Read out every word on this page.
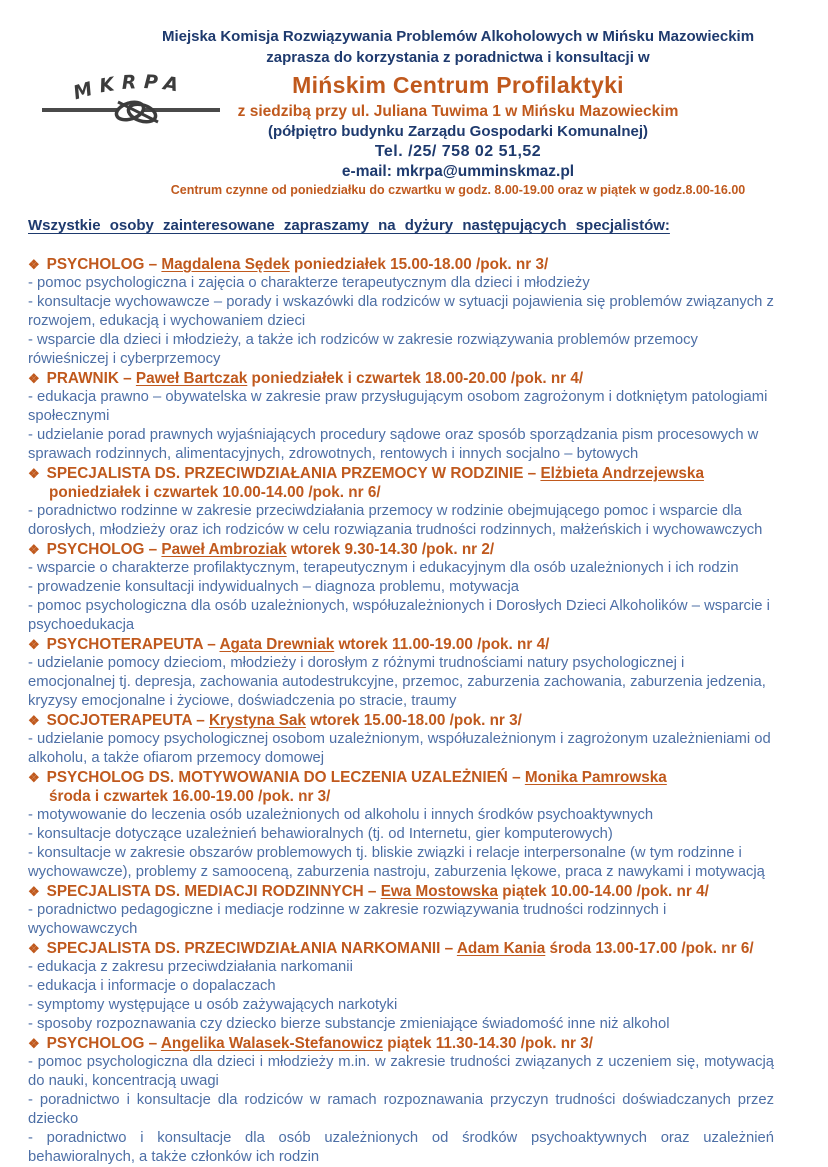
MKRPA

Miejska Komisja Rozwiązywania Problemów Alkoholowych w Mińsku Mazowieckim

zaprasza do korzystania z poradnictwa i konsultacji w

Mińskim Centrum Profilaktyki

z siedzibą przy ul. Juliana Tuwima 1 w Mińsku Mazowieckim

(półpiętro budynku Zarządu Gospodarki Komunalnej)

Tel. /25/ 758 02 51,52

e-mail: mkrpa@umminskmaz.pl

Centrum czynne od poniedziałku do czwartku w godz. 8.00-19.00 oraz w piątek w godz.8.00-16.00

Wszystkie osoby zainteresowane zapraszamy na dyżury następujących specjalistów:

❖ PSYCHOLOG – Magdalena Sędek poniedziałek 15.00-18.00 /pok. nr 3/

- pomoc psychologiczna i zajęcia o charakterze terapeutycznym dla dzieci i młodzieży

- konsultacje wychowawcze – porady i wskazówki dla rodziców w sytuacji pojawienia się problemów związanych z rozwojem, edukacją i wychowaniem dzieci

- wsparcie dla dzieci i młodzieży, a także ich rodziców w zakresie rozwiązywania problemów przemocy rówieśniczej i cyberprzemocy

❖ PRAWNIK – Paweł Bartczak poniedziałek i czwartek 18.00-20.00 /pok. nr 4/

- edukacja prawno – obywatelska w zakresie praw przysługującym osobom zagrożonym i dotkniętym patologiami społecznymi

- udzielanie porad prawnych wyjaśniających procedury sądowe oraz sposób sporządzania pism procesowych w sprawach rodzinnych, alimentacyjnych, zdrowotnych, rentowych i innych socjalno – bytowych

❖ SPECJALISTA DS. PRZECIWDZIAŁANIA PRZEMOCY W RODZINIE – Elżbieta Andrzejewska

poniedziałek i czwartek 10.00-14.00 /pok. nr 6/

- poradnictwo rodzinne w zakresie przeciwdziałania przemocy w rodzinie obejmującego pomoc i wsparcie dla dorosłych, młodzieży oraz ich rodziców w celu rozwiązania trudności rodzinnych, małżeńskich i wychowawczych

❖ PSYCHOLOG – Paweł Ambroziak wtorek 9.30-14.30 /pok. nr 2/

- wsparcie o charakterze profilaktycznym, terapeutycznym i edukacyjnym dla osób uzależnionych i ich rodzin

- prowadzenie konsultacji indywidualnych – diagnoza problemu, motywacja

- pomoc psychologiczna dla osób uzależnionych, współuzależnionych i Dorosłych Dzieci Alkoholików – wsparcie i psychoedukacja

❖ PSYCHOTERAPEUTA – Agata Drewniak wtorek 11.00-19.00 /pok. nr 4/

- udzielanie pomocy dzieciom, młodzieży i dorosłym z różnymi trudnościami natury psychologicznej i emocjonalnej tj. depresja, zachowania autodestrukcyjne, przemoc, zaburzenia zachowania, zaburzenia jedzenia, kryzysy emocjonalne i życiowe, doświadczenia po stracie, traumy

❖ SOCJOTERAPEUTA – Krystyna Sak wtorek 15.00-18.00 /pok. nr 3/

- udzielanie pomocy psychologicznej osobom uzależnionym, współuzależnionym i zagrożonym uzależnieniami od alkoholu, a także ofiarom przemocy domowej

❖ PSYCHOLOG DS. MOTYWOWANIA DO LECZENIA UZALEŻNIEŃ – Monika Pamrowska

środa i czwartek 16.00-19.00 /pok. nr 3/

- motywowanie do leczenia osób uzależnionych od alkoholu i innych środków psychoaktywnych

- konsultacje dotyczące uzależnień behawioralnych (tj. od Internetu, gier komputerowych)

- konsultacje w zakresie obszarów problemowych tj. bliskie związki i relacje interpersonalne (w tym rodzinne i wychowawcze), problemy z samooceną, zaburzenia nastroju, zaburzenia lękowe, praca z nawykami i motywacją

❖ SPECJALISTA DS. MEDIACJI RODZINNYCH – Ewa Mostowska piątek 10.00-14.00 /pok. nr 4/

- poradnictwo pedagogiczne i mediacje rodzinne w zakresie rozwiązywania trudności rodzinnych i wychowawczych

❖ SPECJALISTA DS. PRZECIWDZIAŁANIA NARKOMANII – Adam Kania środa 13.00-17.00 /pok. nr 6/

- edukacja z zakresu przeciwdziałania narkomanii

- edukacja i informacje o dopalaczach

- symptomy występujące u osób zażywających narkotyki

- sposoby rozpoznawania czy dziecko bierze substancje zmieniające świadomość inne niż alkohol

❖ PSYCHOLOG – Angelika Walasek-Stefanowicz piątek 11.30-14.30 /pok. nr 3/

- pomoc psychologiczna dla dzieci i młodzieży m.in. w zakresie trudności związanych z uczeniem się, motywacją do nauki, koncentracją uwagi

- poradnictwo i konsultacje dla rodziców w ramach rozpoznawania przyczyn trudności doświadczanych przez dziecko

- poradnictwo i konsultacje dla osób uzależnionych od środków psychoaktywnych oraz uzależnień behawioralnych, a także członków ich rodzin
